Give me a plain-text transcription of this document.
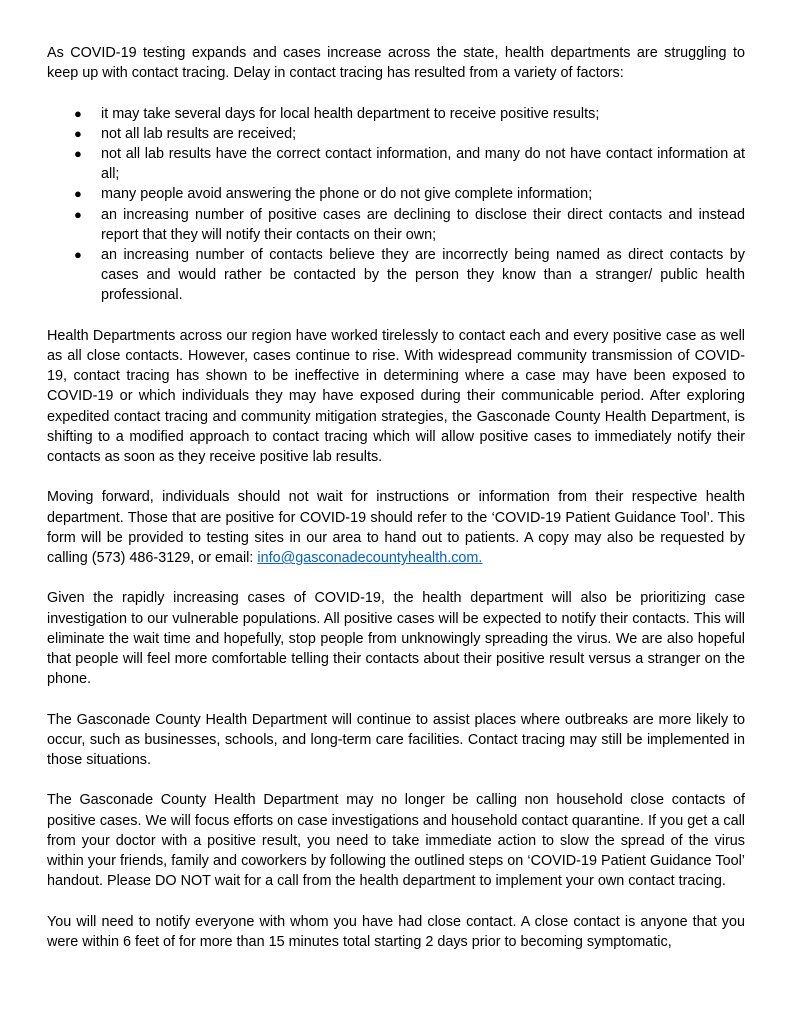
As COVID-19 testing expands and cases increase across the state, health departments are struggling to keep up with contact tracing. Delay in contact tracing has resulted from a variety of factors:

● it may take several days for local health department to receive positive results;
● not all lab results are received;
● not all lab results have the correct contact information, and many do not have contact information at all;
● many people avoid answering the phone or do not give complete information;
● an increasing number of positive cases are declining to disclose their direct contacts and instead report that they will notify their contacts on their own;
● an increasing number of contacts believe they are incorrectly being named as direct contacts by cases and would rather be contacted by the person they know than a stranger/ public health professional.

Health Departments across our region have worked tirelessly to contact each and every positive case as well as all close contacts. However, cases continue to rise. With widespread community transmission of COVID-19, contact tracing has shown to be ineffective in determining where a case may have been exposed to COVID-19 or which individuals they may have exposed during their communicable period. After exploring expedited contact tracing and community mitigation strategies, the Gasconade County Health Department, is shifting to a modified approach to contact tracing which will allow positive cases to immediately notify their contacts as soon as they receive positive lab results.

Moving forward, individuals should not wait for instructions or information from their respective health department. Those that are positive for COVID-19 should refer to the ‘COVID-19 Patient Guidance Tool’. This form will be provided to testing sites in our area to hand out to patients. A copy may also be requested by calling (573) 486-3129, or email: info@gasconadecountyhealth.com.

Given the rapidly increasing cases of COVID-19, the health department will also be prioritizing case investigation to our vulnerable populations. All positive cases will be expected to notify their contacts. This will eliminate the wait time and hopefully, stop people from unknowingly spreading the virus. We are also hopeful that people will feel more comfortable telling their contacts about their positive result versus a stranger on the phone.

The Gasconade County Health Department will continue to assist places where outbreaks are more likely to occur, such as businesses, schools, and long-term care facilities. Contact tracing may still be implemented in those situations.

The Gasconade County Health Department may no longer be calling non household close contacts of positive cases. We will focus efforts on case investigations and household contact quarantine. If you get a call from your doctor with a positive result, you need to take immediate action to slow the spread of the virus within your friends, family and coworkers by following the outlined steps on ‘COVID-19 Patient Guidance Tool’ handout. Please DO NOT wait for a call from the health department to implement your own contact tracing.

You will need to notify everyone with whom you have had close contact. A close contact is anyone that you were within 6 feet of for more than 15 minutes total starting 2 days prior to becoming symptomatic,
